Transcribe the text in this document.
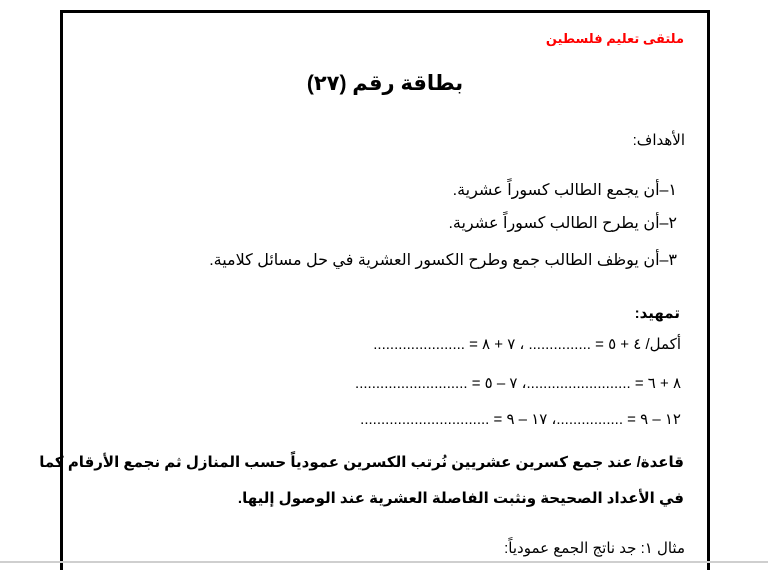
ملتقى تعليم فلسطين
بطاقة رقم (٢٧)
الأهداف:
١–أن يجمع الطالب كسوراً عشرية.
٢–أن يطرح الطالب كسوراً عشرية.
٣–أن يوظف الطالب جمع وطرح الكسور العشرية في حل مسائل كلامية.
تمهيد:
أكمل/ ٤ + ٥ = ............... ، ٧ + ٨ = ......................
٨ + ٦ = .........................، ٧ – ٥ = ...........................
١٢ – ٩ = ................، ١٧ – ٩ = ...............................
قاعدة/ عند جمع كسرين عشريين نُرتب الكسرين عمودياً حسب المنازل ثم نجمع الأرقام كما
في الأعداد الصحيحة ونثبت الفاصلة العشرية عند الوصول إليها.
مثال ١: جد ناتج الجمع عمودياً:
